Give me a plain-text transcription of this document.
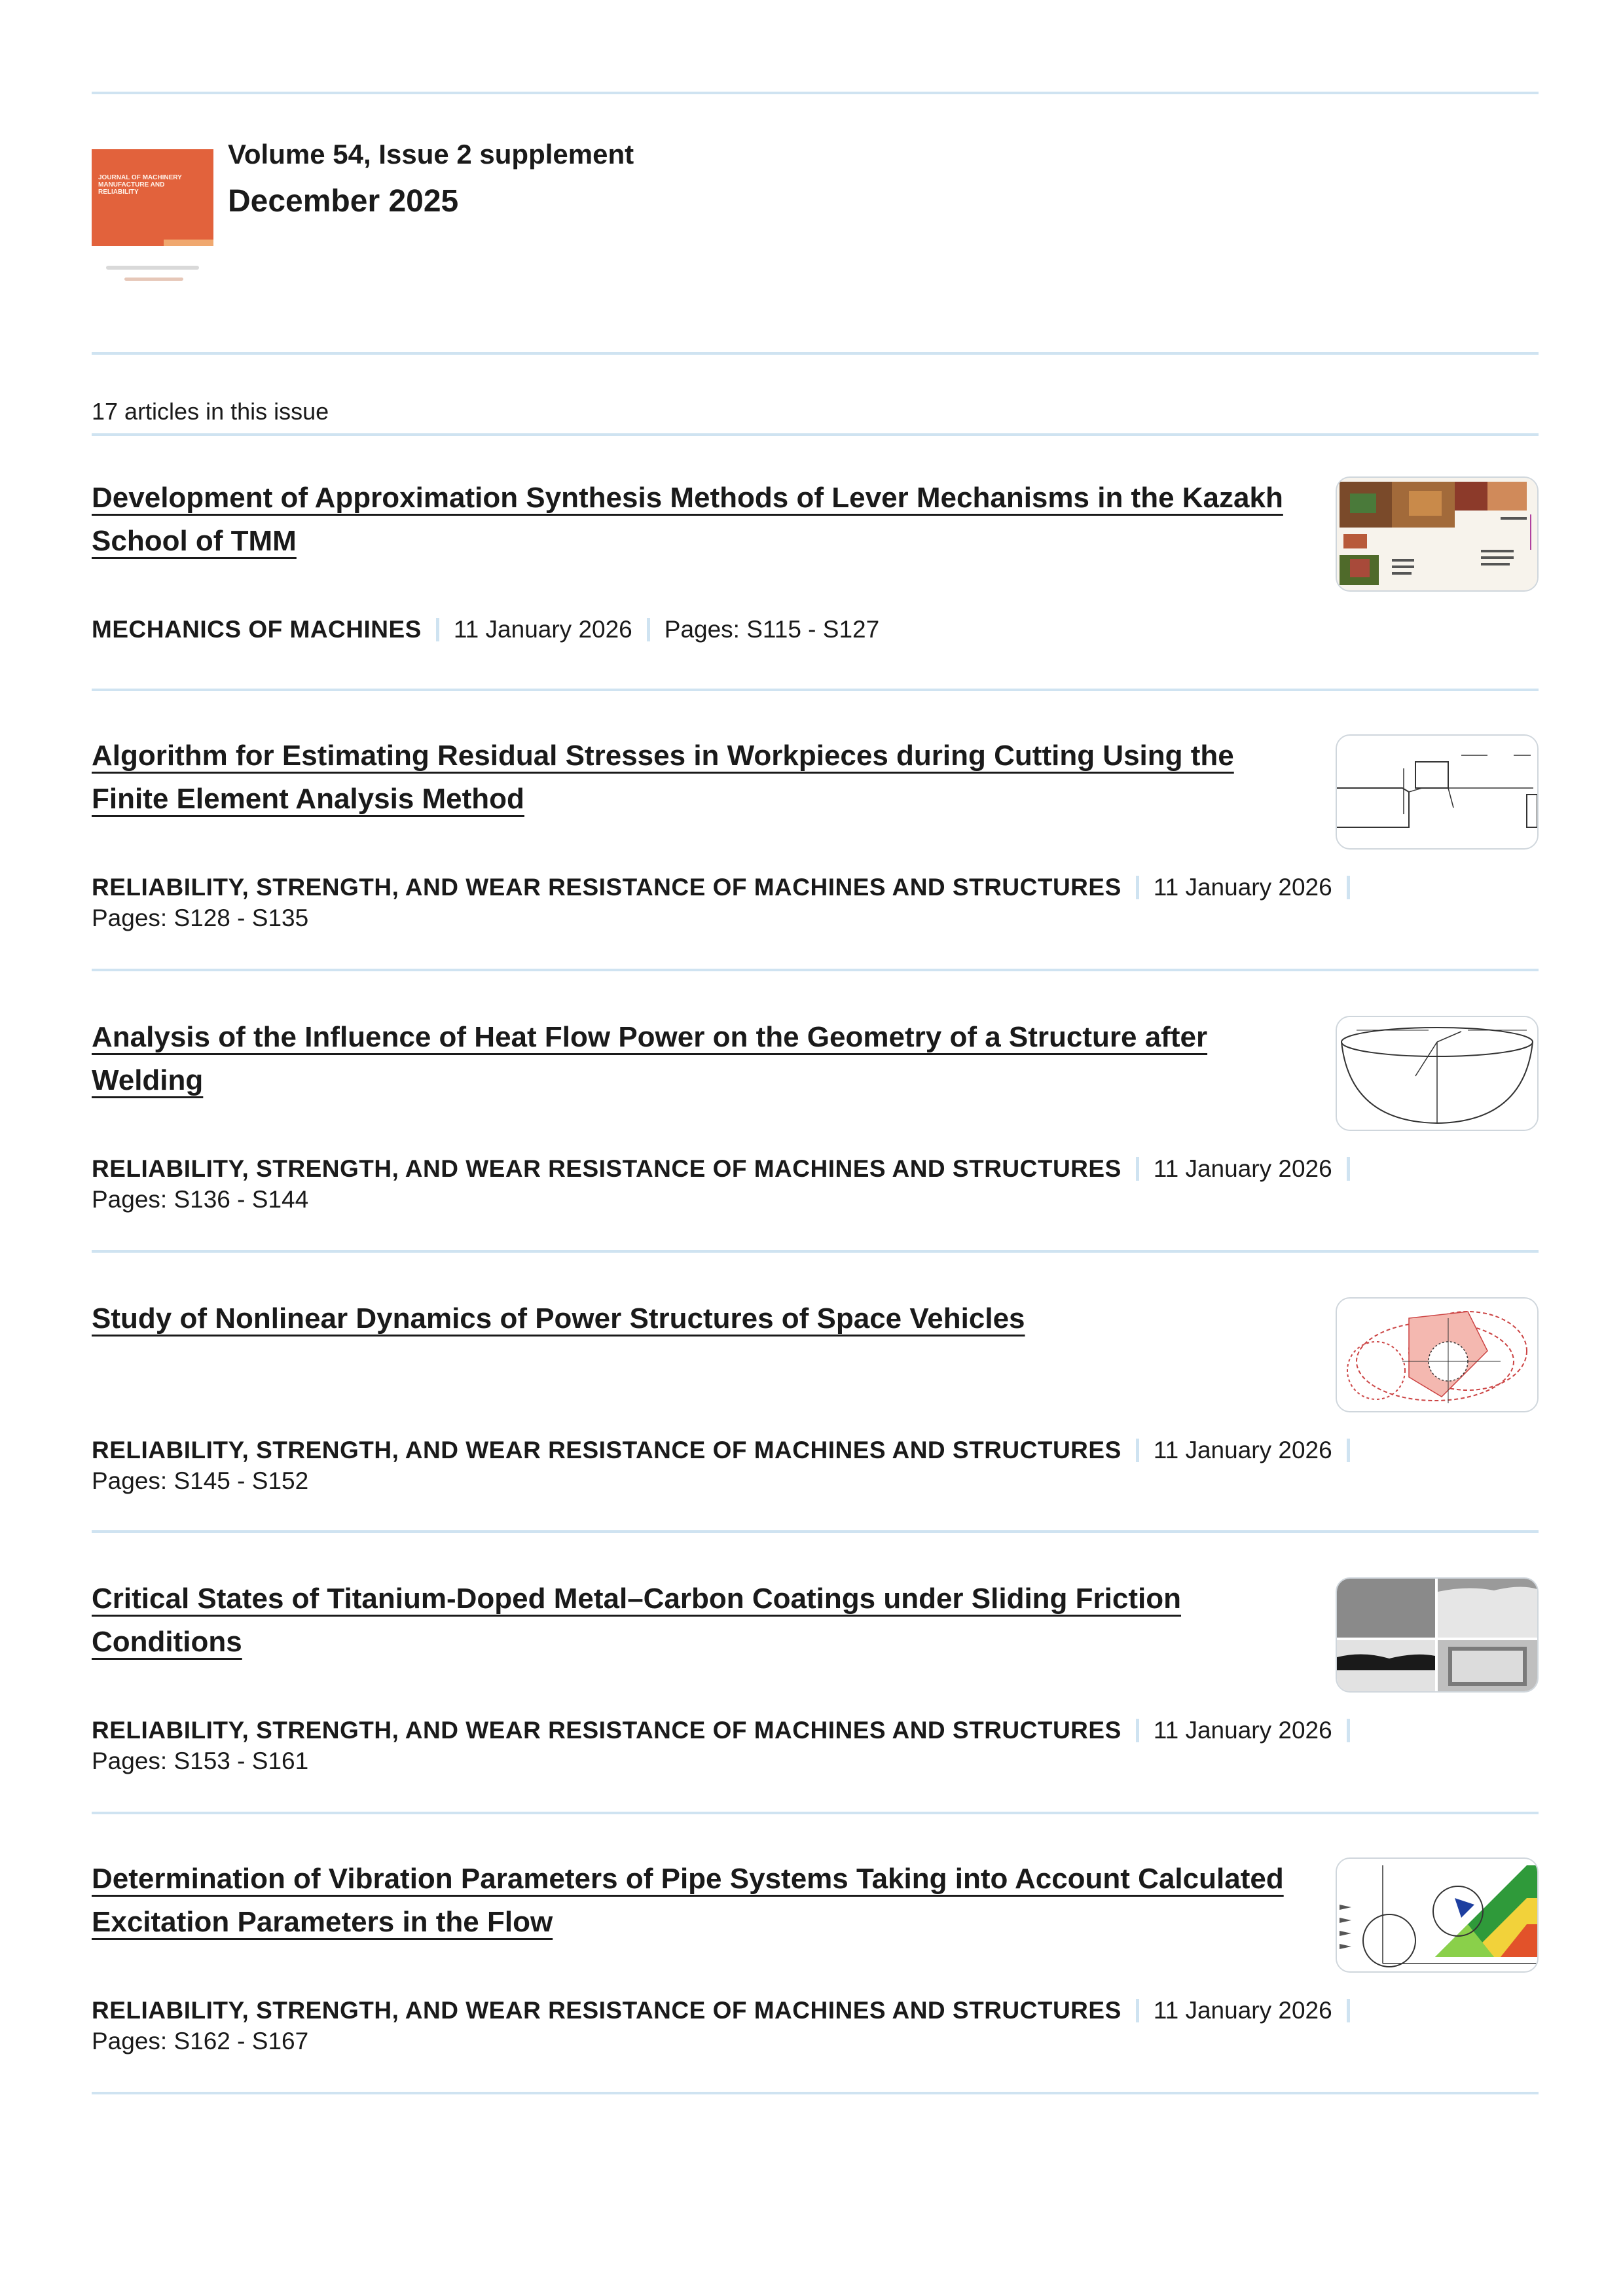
JOURNAL OF MACHINERY MANUFACTURE AND RELIABILITY
Volume 54, Issue 2 supplement
December 2025
17 articles in this issue
Development of Approximation Synthesis Methods of Lever Mechanisms in the Kazakh School of TMM
MECHANICS OF MACHINES 11 January 2026 Pages: S115 - S127
Algorithm for Estimating Residual Stresses in Workpieces during Cutting Using the Finite Element Analysis Method
RELIABILITY, STRENGTH, AND WEAR RESISTANCE OF MACHINES AND STRUCTURES 11 January 2026
Pages: S128 - S135
Analysis of the Influence of Heat Flow Power on the Geometry of a Structure after Welding
RELIABILITY, STRENGTH, AND WEAR RESISTANCE OF MACHINES AND STRUCTURES 11 January 2026
Pages: S136 - S144
Study of Nonlinear Dynamics of Power Structures of Space Vehicles
RELIABILITY, STRENGTH, AND WEAR RESISTANCE OF MACHINES AND STRUCTURES 11 January 2026
Pages: S145 - S152
Critical States of Titanium-Doped Metal–Carbon Coatings under Sliding Friction Conditions
RELIABILITY, STRENGTH, AND WEAR RESISTANCE OF MACHINES AND STRUCTURES 11 January 2026
Pages: S153 - S161
Determination of Vibration Parameters of Pipe Systems Taking into Account Calculated Excitation Parameters in the Flow
RELIABILITY, STRENGTH, AND WEAR RESISTANCE OF MACHINES AND STRUCTURES 11 January 2026
Pages: S162 - S167
